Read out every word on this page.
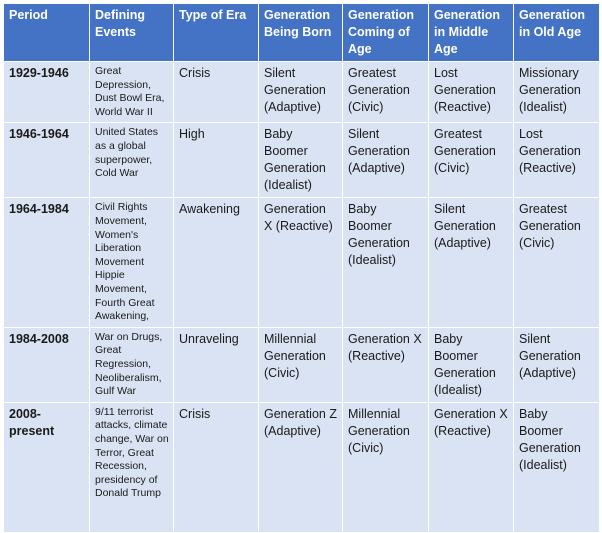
Period	Defining Events	Type of Era	Generation Being Born	Generation Coming of Age	Generation in Middle Age	Generation in Old Age
1929-1946	Great Depression, Dust Bowl Era, World War II	Crisis	Silent Generation (Adaptive)	Greatest Generation (Civic)	Lost Generation (Reactive)	Missionary Generation (Idealist)
1946-1964	United States as a global superpower, Cold War	High	Baby Boomer Generation (Idealist)	Silent Generation (Adaptive)	Greatest Generation (Civic)	Lost Generation (Reactive)
1964-1984	Civil Rights Movement, Women's Liberation Movement Hippie Movement, Fourth Great Awakening,	Awakening	Generation X (Reactive)	Baby Boomer Generation (Idealist)	Silent Generation (Adaptive)	Greatest Generation (Civic)
1984-2008	War on Drugs, Great Regression, Neoliberalism, Gulf War	Unraveling	Millennial Generation (Civic)	Generation X (Reactive)	Baby Boomer Generation (Idealist)	Silent Generation (Adaptive)
2008-present	9/11 terrorist attacks, climate change, War on Terror, Great Recession, presidency of Donald Trump	Crisis	Generation Z (Adaptive)	Millennial Generation (Civic)	Generation X (Reactive)	Baby Boomer Generation (Idealist)
